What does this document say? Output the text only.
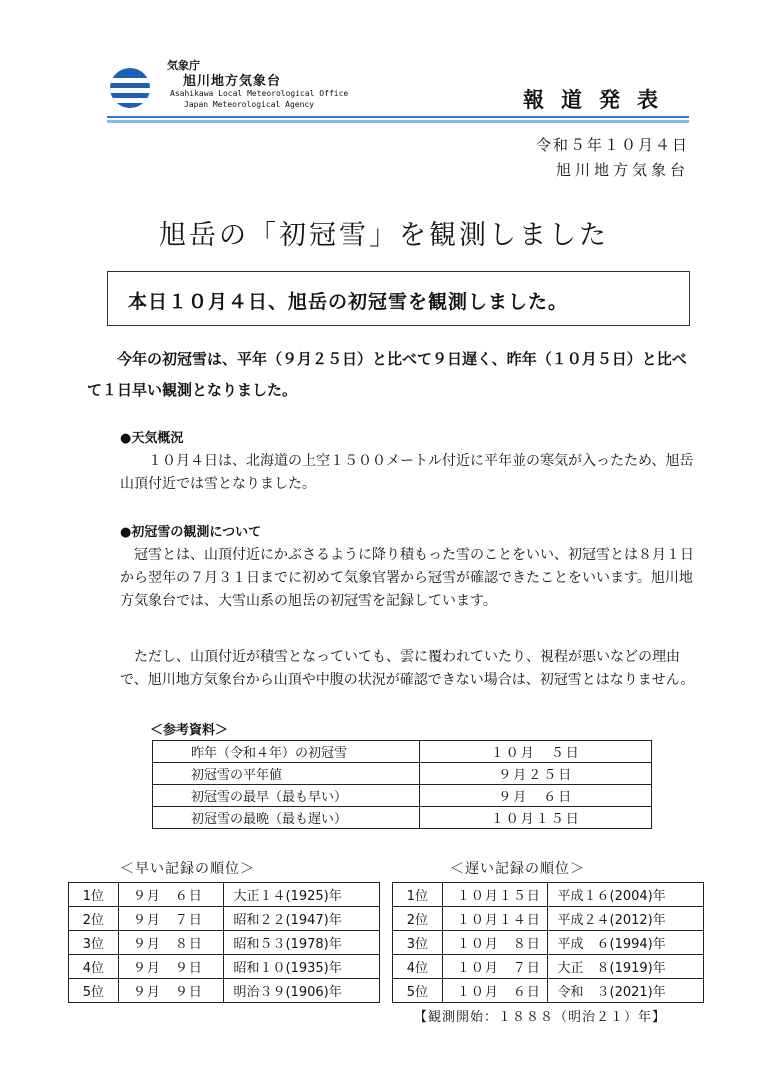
気象庁
旭川地方気象台
Asahikawa Local Meteorological Office
Japan Meteorological Agency	報道発表
令和５年１０月４日
旭川地方気象台
旭岳の「初冠雪」を観測しました
本日１０月４日、旭岳の初冠雪を観測しました。
今年の初冠雪は、平年（９月２５日）と比べて９日遅く、昨年（１０月５日）と比べて１日早い観測となりました。
●天気概況
１０月４日は、北海道の上空１５００メートル付近に平年並の寒気が入ったため、旭岳山頂付近では雪となりました。
●初冠雪の観測について
冠雪とは、山頂付近にかぶさるように降り積もった雪のことをいい、初冠雪とは８月１日から翌年の７月３１日までに初めて気象官署から冠雪が確認できたことをいいます。旭川地方気象台では、大雪山系の旭岳の初冠雪を記録しています。
ただし、山頂付近が積雪となっていても、雲に覆われていたり、視程が悪いなどの理由で、旭川地方気象台から山頂や中腹の状況が確認できない場合は、初冠雪とはなりません。
＜参考資料＞
昨年（令和４年）の初冠雪	１０月　５日
初冠雪の平年値	９月２５日
初冠雪の最早（最も早い）	９月　６日
初冠雪の最晩（最も遅い）	１０月１５日
＜早い記録の順位＞
1位	９月　６日	大正１４(1925)年
2位	９月　７日	昭和２２(1947)年
3位	９月　８日	昭和５３(1978)年
4位	９月　９日	昭和１０(1935)年
5位	９月　９日	明治３９(1906)年
＜遅い記録の順位＞
1位	１０月１５日	平成１６(2004)年
2位	１０月１４日	平成２４(2012)年
3位	１０月　８日	平成　６(1994)年
4位	１０月　７日	大正　８(1919)年
5位	１０月　６日	令和　３(2021)年
【観測開始：１８８８（明治２１）年】
